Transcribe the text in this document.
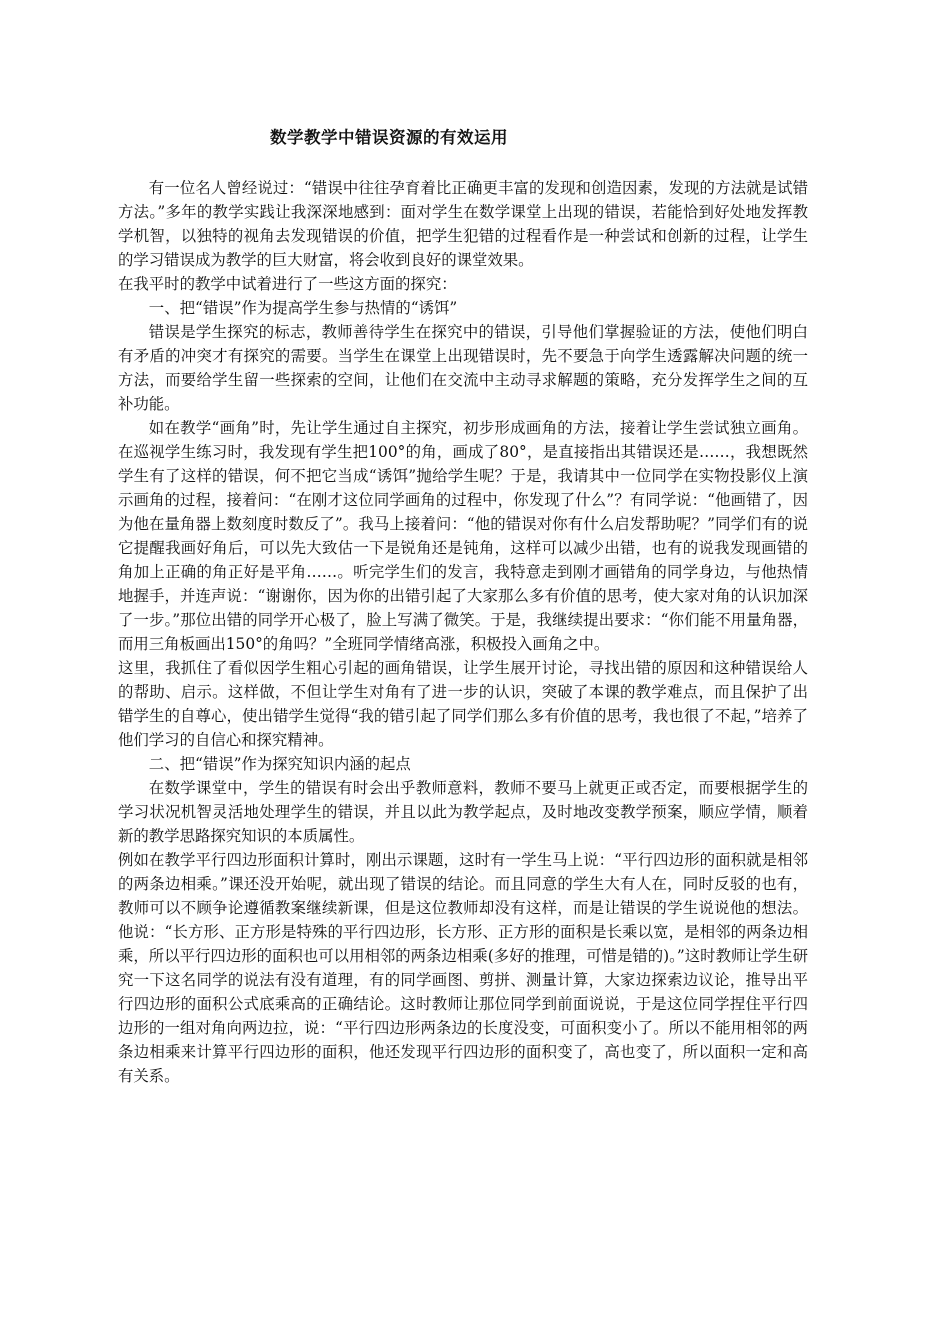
数学教学中错误资源的有效运用

有一位名人曾经说过：“错误中往往孕育着比正确更丰富的发现和创造因素，发现的方法就是试错方法。”多年的教学实践让我深深地感到：面对学生在数学课堂上出现的错误，若能恰到好处地发挥教学机智，以独特的视角去发现错误的价值，把学生犯错的过程看作是一种尝试和创新的过程，让学生的学习错误成为教学的巨大财富，将会收到良好的课堂效果。

在我平时的教学中试着进行了一些这方面的探究：

一、把“错误”作为提高学生参与热情的“诱饵”

错误是学生探究的标志，教师善待学生在探究中的错误，引导他们掌握验证的方法，使他们明白有矛盾的冲突才有探究的需要。当学生在课堂上出现错误时，先不要急于向学生透露解决问题的统一方法，而要给学生留一些探索的空间，让他们在交流中主动寻求解题的策略，充分发挥学生之间的互补功能。

如在教学“画角”时，先让学生通过自主探究，初步形成画角的方法，接着让学生尝试独立画角。在巡视学生练习时，我发现有学生把100°的角，画成了80°，是直接指出其错误还是……，我想既然学生有了这样的错误，何不把它当成“诱饵”抛给学生呢？于是，我请其中一位同学在实物投影仪上演示画角的过程，接着问：“在刚才这位同学画角的过程中，你发现了什么”？有同学说：“他画错了，因为他在量角器上数刻度时数反了”。我马上接着问：“他的错误对你有什么启发帮助呢？”同学们有的说它提醒我画好角后，可以先大致估一下是锐角还是钝角，这样可以减少出错，也有的说我发现画错的角加上正确的角正好是平角……。听完学生们的发言，我特意走到刚才画错角的同学身边，与他热情地握手，并连声说：“谢谢你，因为你的出错引起了大家那么多有价值的思考，使大家对角的认识加深了一步。”那位出错的同学开心极了，脸上写满了微笑。于是，我继续提出要求：“你们能不用量角器，而用三角板画出150°的角吗？”全班同学情绪高涨，积极投入画角之中。

这里，我抓住了看似因学生粗心引起的画角错误，让学生展开讨论，寻找出错的原因和这种错误给人的帮助、启示。这样做，不但让学生对角有了进一步的认识，突破了本课的教学难点，而且保护了出错学生的自尊心，使出错学生觉得“我的错引起了同学们那么多有价值的思考，我也很了不起，”培养了他们学习的自信心和探究精神。

二、把“错误”作为探究知识内涵的起点

在数学课堂中，学生的错误有时会出乎教师意料，教师不要马上就更正或否定，而要根据学生的学习状况机智灵活地处理学生的错误，并且以此为教学起点，及时地改变教学预案，顺应学情，顺着新的教学思路探究知识的本质属性。

例如在教学平行四边形面积计算时，刚出示课题，这时有一学生马上说：“平行四边形的面积就是相邻的两条边相乘。”课还没开始呢，就出现了错误的结论。而且同意的学生大有人在，同时反驳的也有，教师可以不顾争论遵循教案继续新课，但是这位教师却没有这样，而是让错误的学生说说他的想法。他说：“长方形、正方形是特殊的平行四边形，长方形、正方形的面积是长乘以宽，是相邻的两条边相乘，所以平行四边形的面积也可以用相邻的两条边相乘(多好的推理，可惜是错的)。”这时教师让学生研究一下这名同学的说法有没有道理，有的同学画图、剪拼、测量计算，大家边探索边议论，推导出平行四边形的面积公式底乘高的正确结论。这时教师让那位同学到前面说说，于是这位同学捏住平行四边形的一组对角向两边拉，说：“平行四边形两条边的长度没变，可面积变小了。所以不能用相邻的两条边相乘来计算平行四边形的面积，他还发现平行四边形的面积变了，高也变了，所以面积一定和高有关系。
